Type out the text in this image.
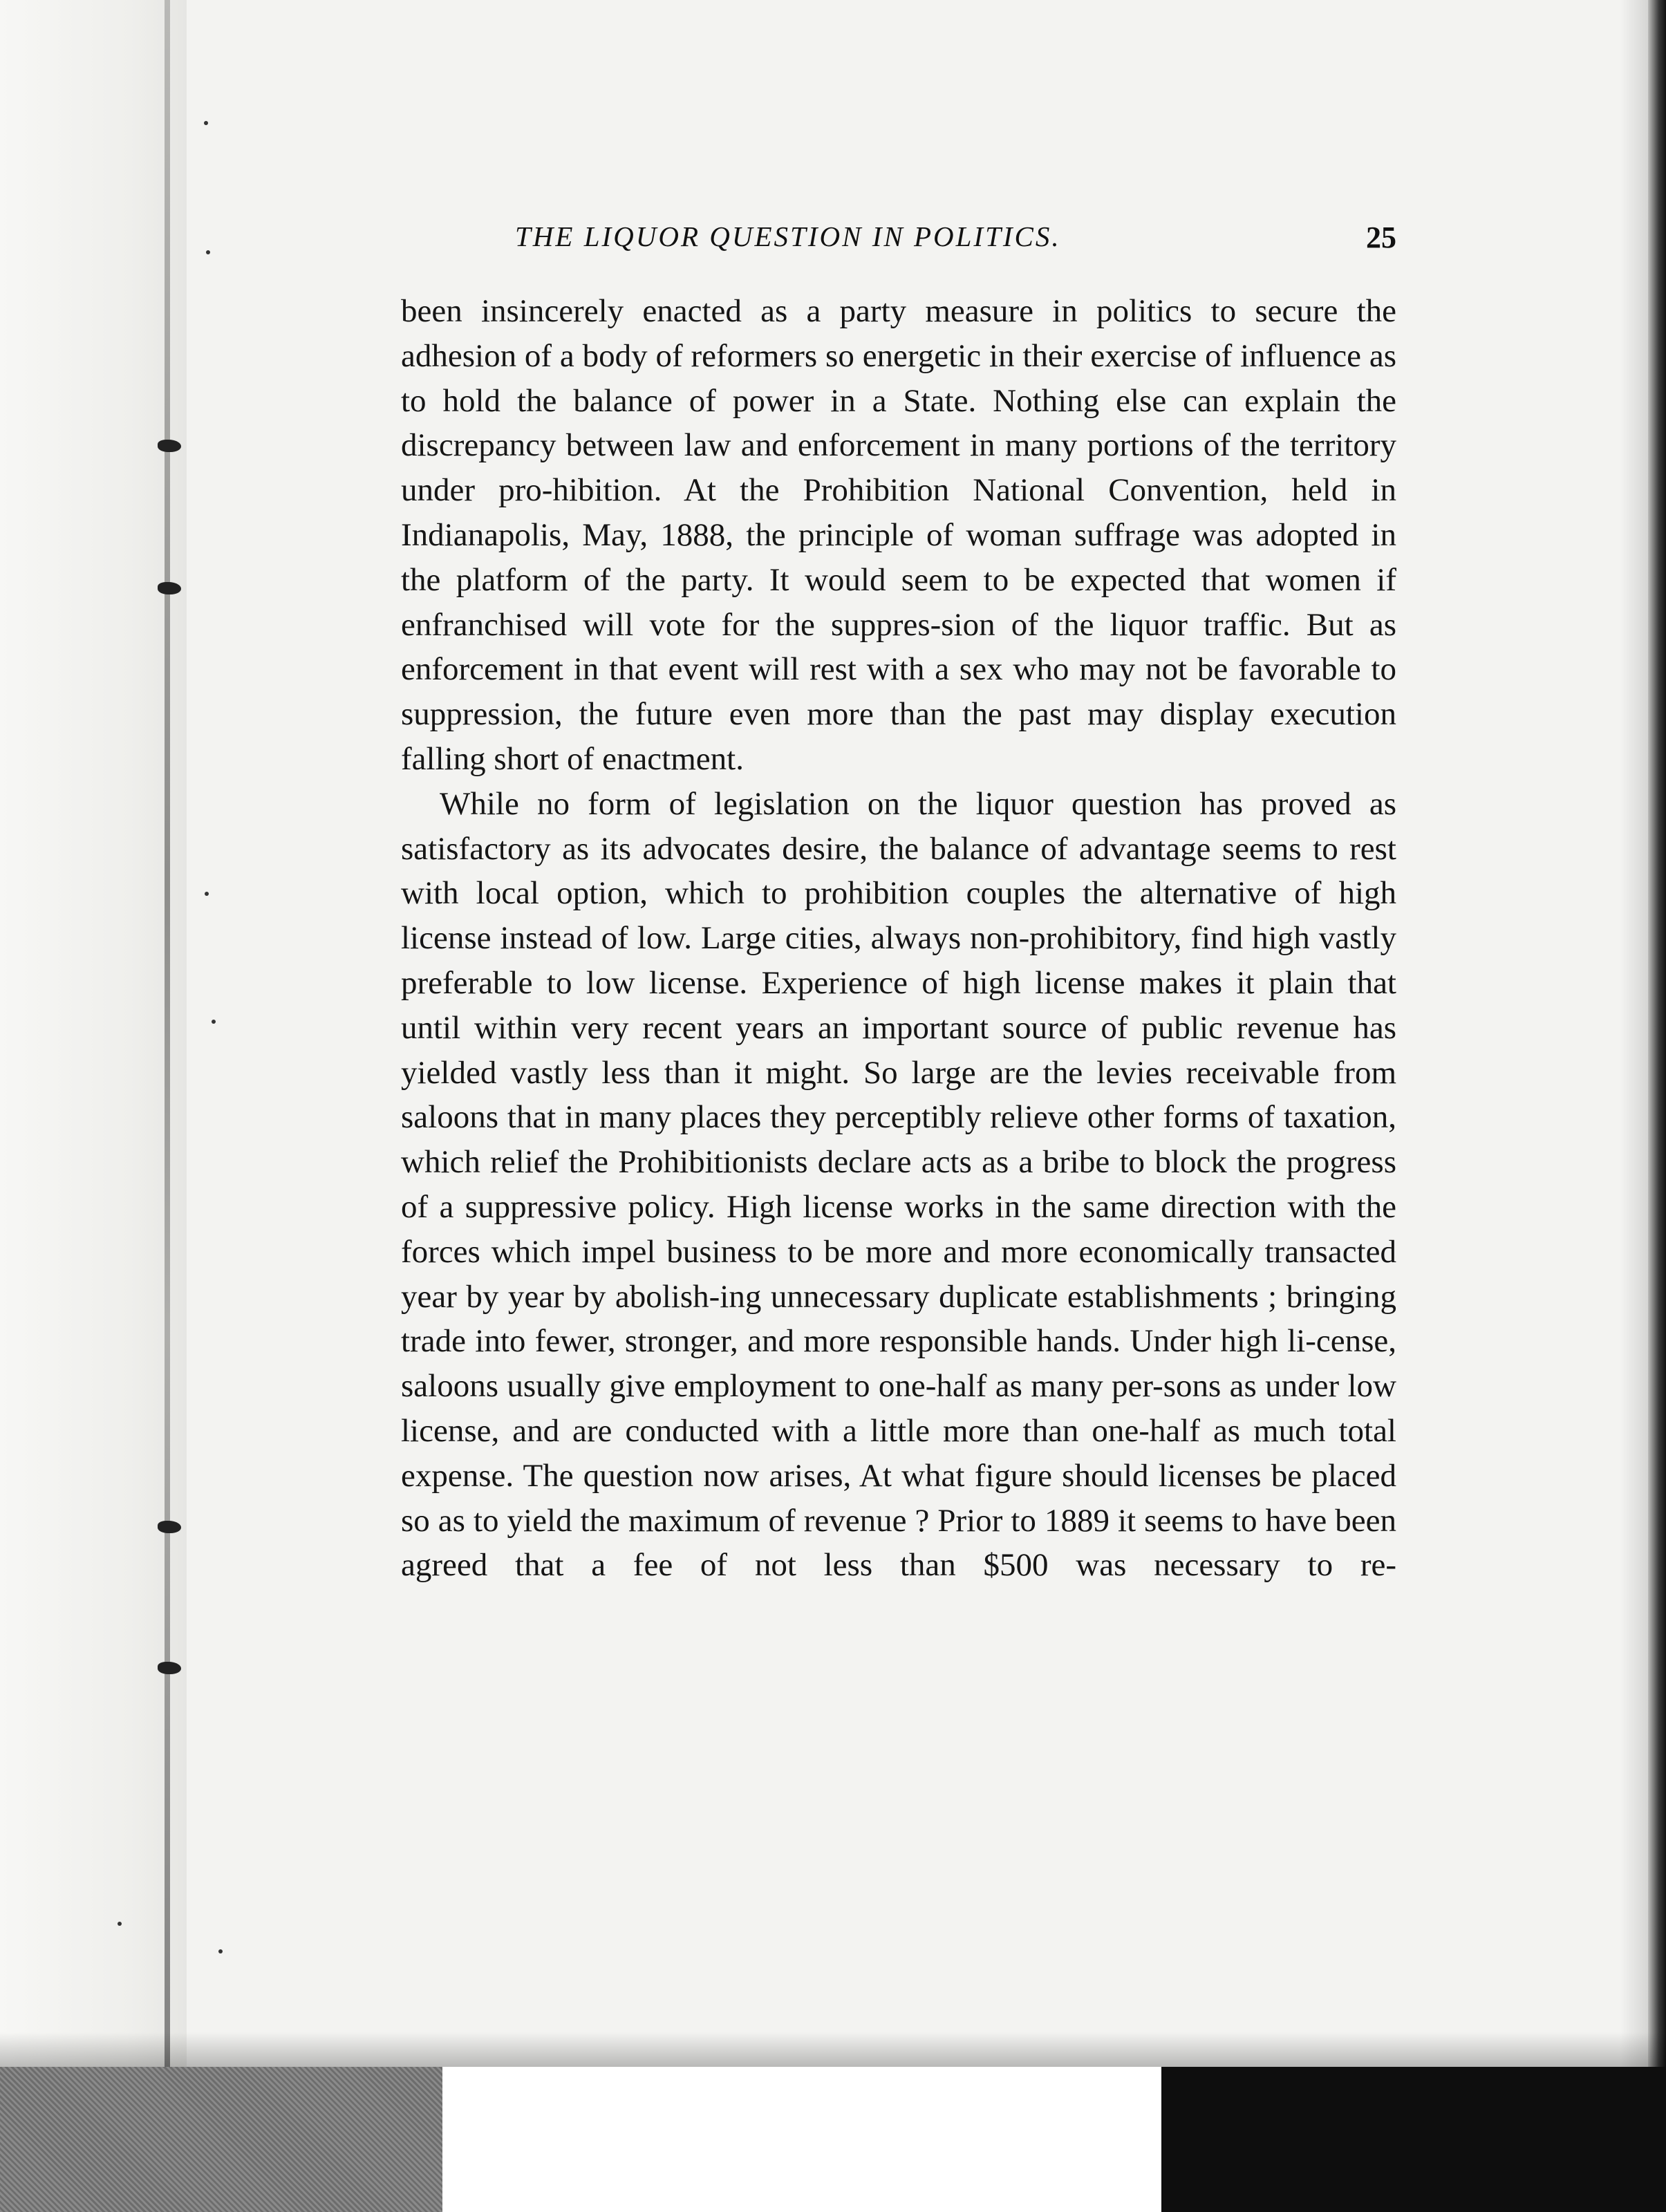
THE LIQUOR QUESTION IN POLITICS.	25

been insincerely enacted as a party measure in politics to secure the adhesion of a body of reformers so energetic in their exercise of influence as to hold the balance of power in a State. Nothing else can explain the discrepancy between law and enforcement in many portions of the territory under pro-hibition. At the Prohibition National Convention, held in Indianapolis, May, 1888, the principle of woman suffrage was adopted in the platform of the party. It would seem to be expected that women if enfranchised will vote for the suppres-sion of the liquor traffic. But as enforcement in that event will rest with a sex who may not be favorable to suppression, the future even more than the past may display execution falling short of enactment.

While no form of legislation on the liquor question has proved as satisfactory as its advocates desire, the balance of advantage seems to rest with local option, which to prohibition couples the alternative of high license instead of low. Large cities, always non-prohibitory, find high vastly preferable to low license. Experience of high license makes it plain that until within very recent years an important source of public revenue has yielded vastly less than it might. So large are the levies receivable from saloons that in many places they perceptibly relieve other forms of taxation, which relief the Prohibitionists declare acts as a bribe to block the progress of a suppressive policy. High license works in the same direction with the forces which impel business to be more and more economically transacted year by year by abolish-ing unnecessary duplicate establishments ; bringing trade into fewer, stronger, and more responsible hands. Under high li-cense, saloons usually give employment to one-half as many per-sons as under low license, and are conducted with a little more than one-half as much total expense. The question now arises, At what figure should licenses be placed so as to yield the maximum of revenue ? Prior to 1889 it seems to have been agreed that a fee of not less than $500 was necessary to re-
